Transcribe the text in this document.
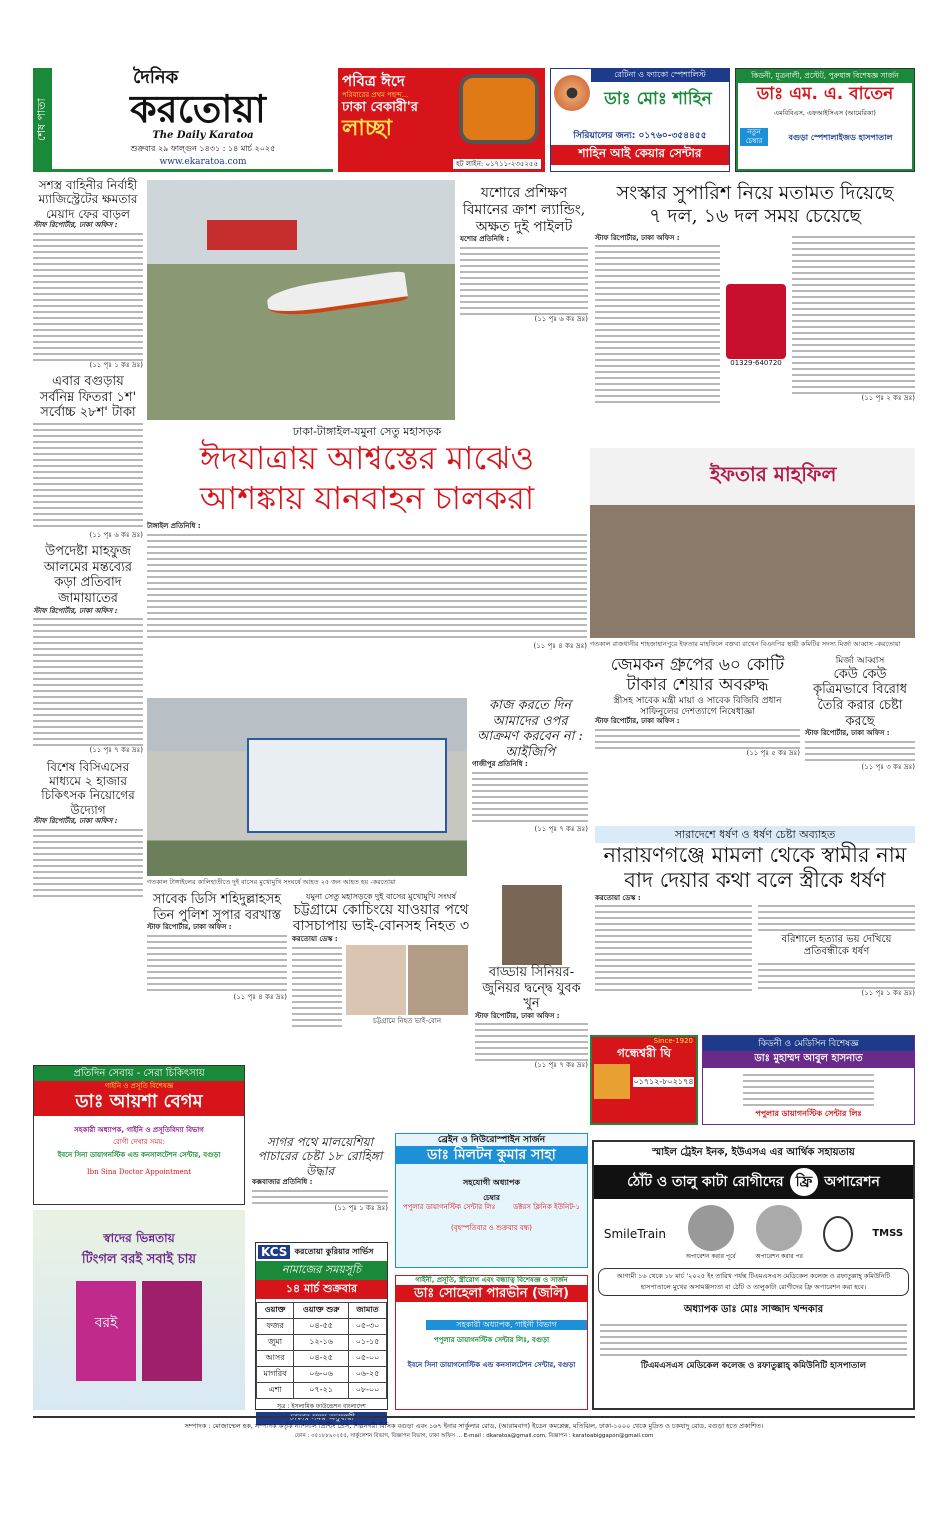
শেষ পাতা
দৈনিক
করতোয়া
The Daily Karatoa
শুক্রবার ২৯ ফাল্গুন ১৪৩১ : ১৪ মার্চ ২০২৫
www.ekaratoa.com
পবিত্র ঈদে
পরিবারের প্রথম পছন্দ...
ঢাকা বেকারী'র
লাচ্ছা
হট লাইন: ০১৭১১-২৩৫২৫৫
রেটিনা ও ফ্যাকো স্পেশালিস্ট
ডাঃ মোঃ শাহিন
সিরিয়ালের জন্য: ০১৭৬০-৩৫৪৪৫৫
শাহিন আই কেয়ার সেন্টার
কিডনী, মূত্রনালী, প্রস্টেট, পুরুষাঙ্গ বিশেষজ্ঞ সার্জন
ডাঃ এম. এ. বাতেন
এমবিবিএস, এফআইসিএস (আমেরিকা)
নতুন চেম্বার	বগুড়া স্পেশালাইজড হাসপাতাল
সশস্ত্র বাহিনীর নির্বাহী ম্যাজিস্ট্রেটের ক্ষমতার মেয়াদ ফের বাড়ল
স্টাফ রিপোর্টার, ঢাকা অফিস :
(১১ পৃঃ ১ কঃ দ্রঃ)
এবার বগুড়ায় সর্বনিম্ন ফিতরা ১শ' সর্বোচ্চ ২৮শ' টাকা
(১১ পৃঃ ৬ কঃ দ্রঃ)
উপদেষ্টা মাহফুজ আলমের মন্তব্যের কড়া প্রতিবাদ জামায়াতের
স্টাফ রিপোর্টার, ঢাকা অফিস :
(১১ পৃঃ ৭ কঃ দ্রঃ)
বিশেষ বিসিএসের মাধ্যমে ২ হাজার চিকিৎসক নিয়োগের উদ্যোগ
স্টাফ রিপোর্টার, ঢাকা অফিস :
যশোরে প্রশিক্ষণ বিমানের ক্রাশ ল্যান্ডিং, অক্ষত দুই পাইলট
যশোর প্রতিনিধি :
(১১ পৃঃ ৬ কঃ দ্রঃ)
সংস্কার সুপারিশ নিয়ে মতামত দিয়েছে
৭ দল, ১৬ দল সময় চেয়েছে
স্টাফ রিপোর্টার, ঢাকা অফিস :
01329-640720
(১১ পৃঃ ২ কঃ দ্রঃ)
ঢাকা-টাঙ্গাইল-যমুনা সেতু মহাসড়ক
ঈদযাত্রায় আশ্বস্তের মাঝেও
আশঙ্কায় যানবাহন চালকরা
টাঙ্গাইল প্রতিনিধি :
(১১ পৃঃ ৪ কঃ দ্রঃ)
ইফতার মাহফিল
গতকাল রাজধানীর শাহজাহানপুরে ইফতার মাহফিলে বক্তব্য রাখেন বিএনপির স্থায়ী কমিটির সদস্য মির্জা আব্বাস -করতোয়া
গতকাল টাঙ্গাইলের কালিহাতীতে দুই বাসের মুখোমুখি সংঘর্ষে আহত ২৫ জন আহত হয় -করতোয়া
কাজ করতে দিন আমাদের ওপর আক্রমণ করবেন না : আইজিপি
গাজীপুর প্রতিনিধি :
(১১ পৃঃ ৭ কঃ দ্রঃ)
জেমকন গ্রুপের ৬০ কোটি
টাকার শেয়ার অবরুদ্ধ
স্ত্রীসহ সাবেক মন্ত্রী মায়া ও সাবেক বিজিবি প্রধান সাফিনুলের দেশত্যাগে নিষেধাজ্ঞা
স্টাফ রিপোর্টার, ঢাকা অফিস :
(১১ পৃঃ ৫ কঃ দ্রঃ)
মির্জা আব্বাস
কেউ কেউ কৃত্রিমভাবে বিরোধ তৈরি করার চেষ্টা করছে
স্টাফ রিপোর্টার, ঢাকা অফিস :
(১১ পৃঃ ৩ কঃ দ্রঃ)
সারাদেশে ধর্ষণ ও ধর্ষণ চেষ্টা অব্যাহত
নারায়ণগঞ্জে মামলা থেকে স্বামীর নাম
বাদ দেয়ার কথা বলে স্ত্রীকে ধর্ষণ
করতোয়া ডেস্ক :
বরিশালে হত্যার ভয় দেখিয়ে প্রতিবন্ধীকে ধর্ষণ
(১১ পৃঃ ১ কঃ দ্রঃ)
সাবেক ডিসি শহিদুল্লাহসহ তিন পুলিশ সুপার বরখাস্ত
স্টাফ রিপোর্টার, ঢাকা অফিস :
(১১ পৃঃ ৪ কঃ দ্রঃ)
যমুনা সেতু মহাসড়কে দুই বাসের মুখোমুখি সংঘর্ষ
চট্টগ্রামে কোচিংয়ে যাওয়ার পথে
বাসচাপায় ভাই-বোনসহ নিহত ৩
করতোয়া ডেস্ক :
চট্টগ্রামে নিহত ভাই-বোন
বাড্ডায় সিনিয়র-জুনিয়র দ্বন্দ্বে যুবক খুন
স্টাফ রিপোর্টার, ঢাকা অফিস :
(১১ পৃঃ ৭ কঃ দ্রঃ)
প্রতিদিন সেবায় - সেরা চিকিৎসায়
গাইনি ও প্রসূতি বিশেষজ্ঞ
ডাঃ আয়শা বেগম
সহকারী অধ্যাপক, গাইনি ও প্রসূতিবিদ্যা বিভাগ
রোগী দেখার সময়:
ইবনে সিনা ডায়াগনস্টিক এন্ড কনসালটেশন সেন্টার, বগুড়া
Ibn Sina Doctor Appointment
স্বাদের ভিন্নতায়
টিংগল বরই সবাই চায়
বরই
সাগর পথে মালয়েশিয়া পাচারের চেষ্টা ১৮ রোহিঙ্গা উদ্ধার
কক্সবাজার প্রতিনিধি :
(১১ পৃঃ ১ কঃ দ্রঃ)
KCS করতোয়া কুরিয়ার সার্ভিস
নামাজের সময়সূচি
১৪ মার্চ শুক্রবার
ওয়াক্ত	ওয়াক্ত শুরু	জামাত
ফজর	০৪-৫৫	০৫-৩০
জুমা	১২-১৬	০১-১৫
আসর	০৪-২৫	০৫-০০
মাগরিব	০৬-০৬	০৬-২৫
এশা	০৭-২১	০৮-০০
সূত্র : ইসলামিক ফাউন্ডেশন বাংলাদেশ
ঢাকার সময় অনুযায়ী
ব্রেইন ও নিউরোস্পাইন সার্জন
ডাঃ মিলটন কুমার সাহা
সহযোগী অধ্যাপক
চেম্বার
পপুলার ডায়াগনস্টিক সেন্টার লিঃ	ডক্টরস ক্লিনিক ইউনিট-১
(বৃহস্পতিবার ও শুক্রবার বন্ধ)
গাইনী, প্রসূতি, স্ত্রীরোগ এবং বন্ধ্যাত্ব বিশেষজ্ঞ ও সার্জন
ডাঃ সোহেলা পারভীন (জলি)
সহকারী অধ্যাপক, গাইনী বিভাগ
পপুলার ডায়াগনস্টিক সেন্টার লিঃ, বগুড়া
ইবনে সিনা ডায়াগনোস্টিক এন্ড কনসালটেশন সেন্টার, বগুড়া
Since-1920
গন্ধেশ্বরী ঘি
০১৭১২-৮০২১৭৪
কিডনী ও মেডিসিন বিশেষজ্ঞ
ডাঃ মুহাম্মদ আবুল হাসনাত
পপুলার ডায়াগনস্টিক সেন্টার লিঃ
স্মাইল ট্রেইন ইনক, ইউএসএ এর আর্থিক সহায়তায়
ঠোঁট ও তালু কাটা রোগীদের ফ্রি অপারেশন
SmileTrain
অপারেশন করার পূর্বে	অপারেশন করার পর
TMSS
আগামী ১৬ থেকে ১৮ মার্চ '২০২৫ ইং তারিখ পর্যন্ত টিএমএসএস মেডিকেল কলেজ ও রফাতুল্লাহ্ কমিউনিটি হাসপাতালে মুখের অসামঞ্জস্যতা বা ঠোঁট ও তালুকাটা রোগীদের ফ্রি অপারেশন করা হবে।
অধ্যাপক ডাঃ মোঃ সাজ্জাদ খন্দকার
টিএমএসএস মেডিকেল কলেজ ও রফাতুল্লাহ্ কমিউনিটি হাসপাতাল
সম্পাদক : মোজাম্মেল হক, সম্পাদক কর্তৃক ন্যাশনাল প্রিন্টিং প্রেস, শিল্পনগরী বিসিক বগুড়া এবং ১৬৭ ইনার সার্কুলার রোড, (আরামবাগ) ইডেন কমপ্লেক্স, মতিঝিল, ঢাকা-১০০০ থেকে মুদ্রিত ও চকযাদু রোড, বগুড়া হতে প্রকাশিত।
ফোন : ০৫১৮৮৯০২৫৫, সার্কুলেশন বিভাগ, বিজ্ঞাপন বিভাগ, ঢাকা অফিস ... E-mail : dkaratoa@gmail.com, বিজ্ঞাপন : karatoabiggapon@gmail.com
